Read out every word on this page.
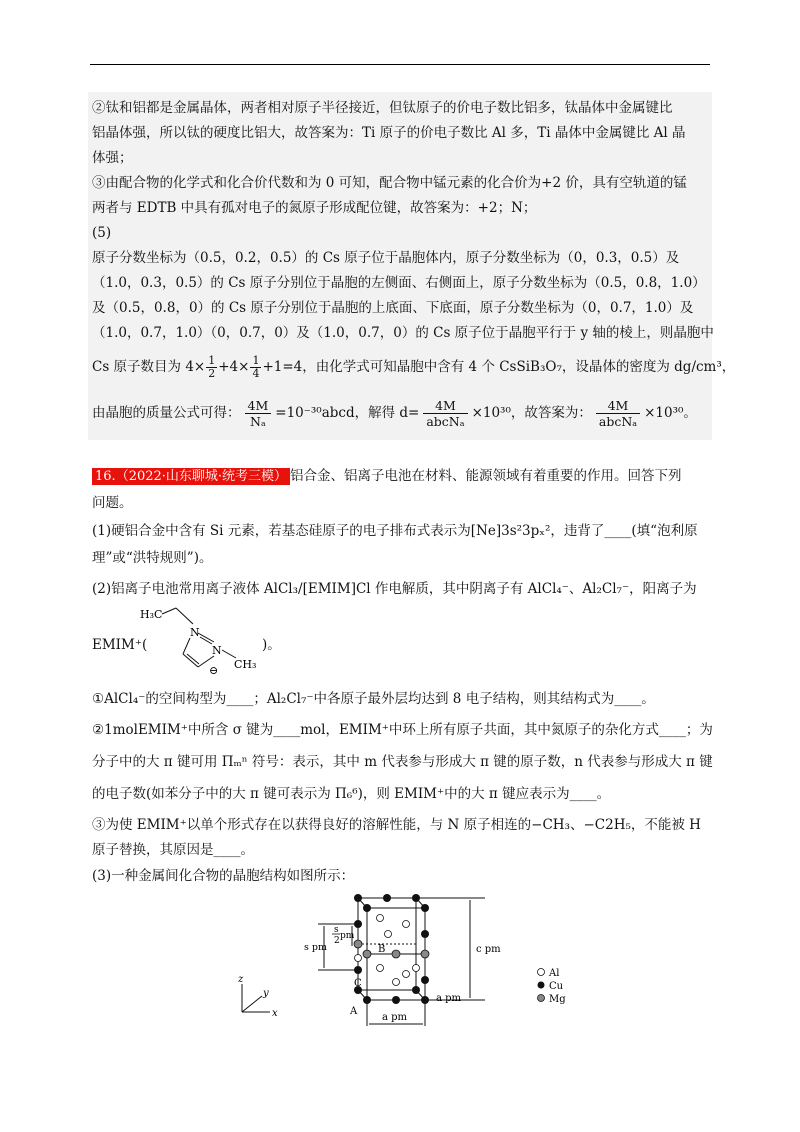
②钛和铝都是金属晶体，两者相对原子半径接近，但钛原子的价电子数比铝多，钛晶体中金属键比
铝晶体强，所以钛的硬度比铝大，故答案为：Ti 原子的价电子数比 Al 多，Ti 晶体中金属键比 Al 晶
体强；
③由配合物的化学式和化合价代数和为 0 可知，配合物中锰元素的化合价为+2 价，具有空轨道的锰
两者与 EDTB 中具有孤对电子的氮原子形成配位键，故答案为：+2；N；
(5)
原子分数坐标为（0.5，0.2，0.5）的 Cs 原子位于晶胞体内，原子分数坐标为（0，0.3，0.5）及
（1.0，0.3，0.5）的 Cs 原子分别位于晶胞的左侧面、右侧面上，原子分数坐标为（0.5，0.8，1.0）
及（0.5，0.8，0）的 Cs 原子分别位于晶胞的上底面、下底面，原子分数坐标为（0，0.7，1.0）及
（1.0，0.7，1.0）（0，0.7，0）及（1.0，0.7，0）的 Cs 原子位于晶胞平行于 y 轴的棱上，则晶胞中
Cs 原子数目为 $4\times \frac{1}{2} +4\times \frac{1}{4} +1=4$，由化学式可知晶胞中含有 4 个 CsSiB₃O₇，设晶体的密度为 dg/cm³，
由晶胞的质量公式可得： $\frac{4M}{\text{Nₐ}}$ =10⁻³⁰abcd，解得 d=	4M
abcNₐ
×10³⁰，故答案为：	4M
abcNₐ
×10³⁰。
16.（2022·山东聊城·统考三模） 铝合金、铝离子电池在材料、能源领域有着重要的作用。回答下列
问题。
(1)硬铝合金中含有 Si 元素，若基态硅原子的电子排布式表示为[Ne]3s²3pₓ²，违背了____(填“泡利原
理”或“洪特规则”)。
(2)铝离子电池常用离子液体 AlCl₃/[EMIM]Cl 作电解质，其中阴离子有 AlCl₄⁻、Al₂Cl₇⁻，阳离子为
EMIM⁺(
H₃C
N
N
CH₃
⊖
)。
①AlCl₄⁻的空间构型为____；Al₂Cl₇⁻中各原子最外层均达到 8 电子结构，则其结构式为____。
②1molEMIM⁺中所含 σ 键为____mol，EMIM⁺中环上所有原子共面，其中氮原子的杂化方式____；为
分子中的大 π 键可用 Πₘⁿ 符号：表示，其中 m 代表参与形成大 π 键的原子数，n 代表参与形成大 π 键
的电子数(如苯分子中的大 π 键可表示为 Π₆⁶)，则 EMIM⁺中的大 π 键应表示为____。
③为使 EMIM⁺以单个形式存在以获得良好的溶解性能，与 N 原子相连的−CH₃、−C2H₅，不能被 H
原子替换，其原因是____。
(3)一种金属间化合物的晶胞结构如图所示：
c pm
a pm
a pm
s pm
s
2 pm
A
B
C
x
y
z
Al
Cu
Mg
